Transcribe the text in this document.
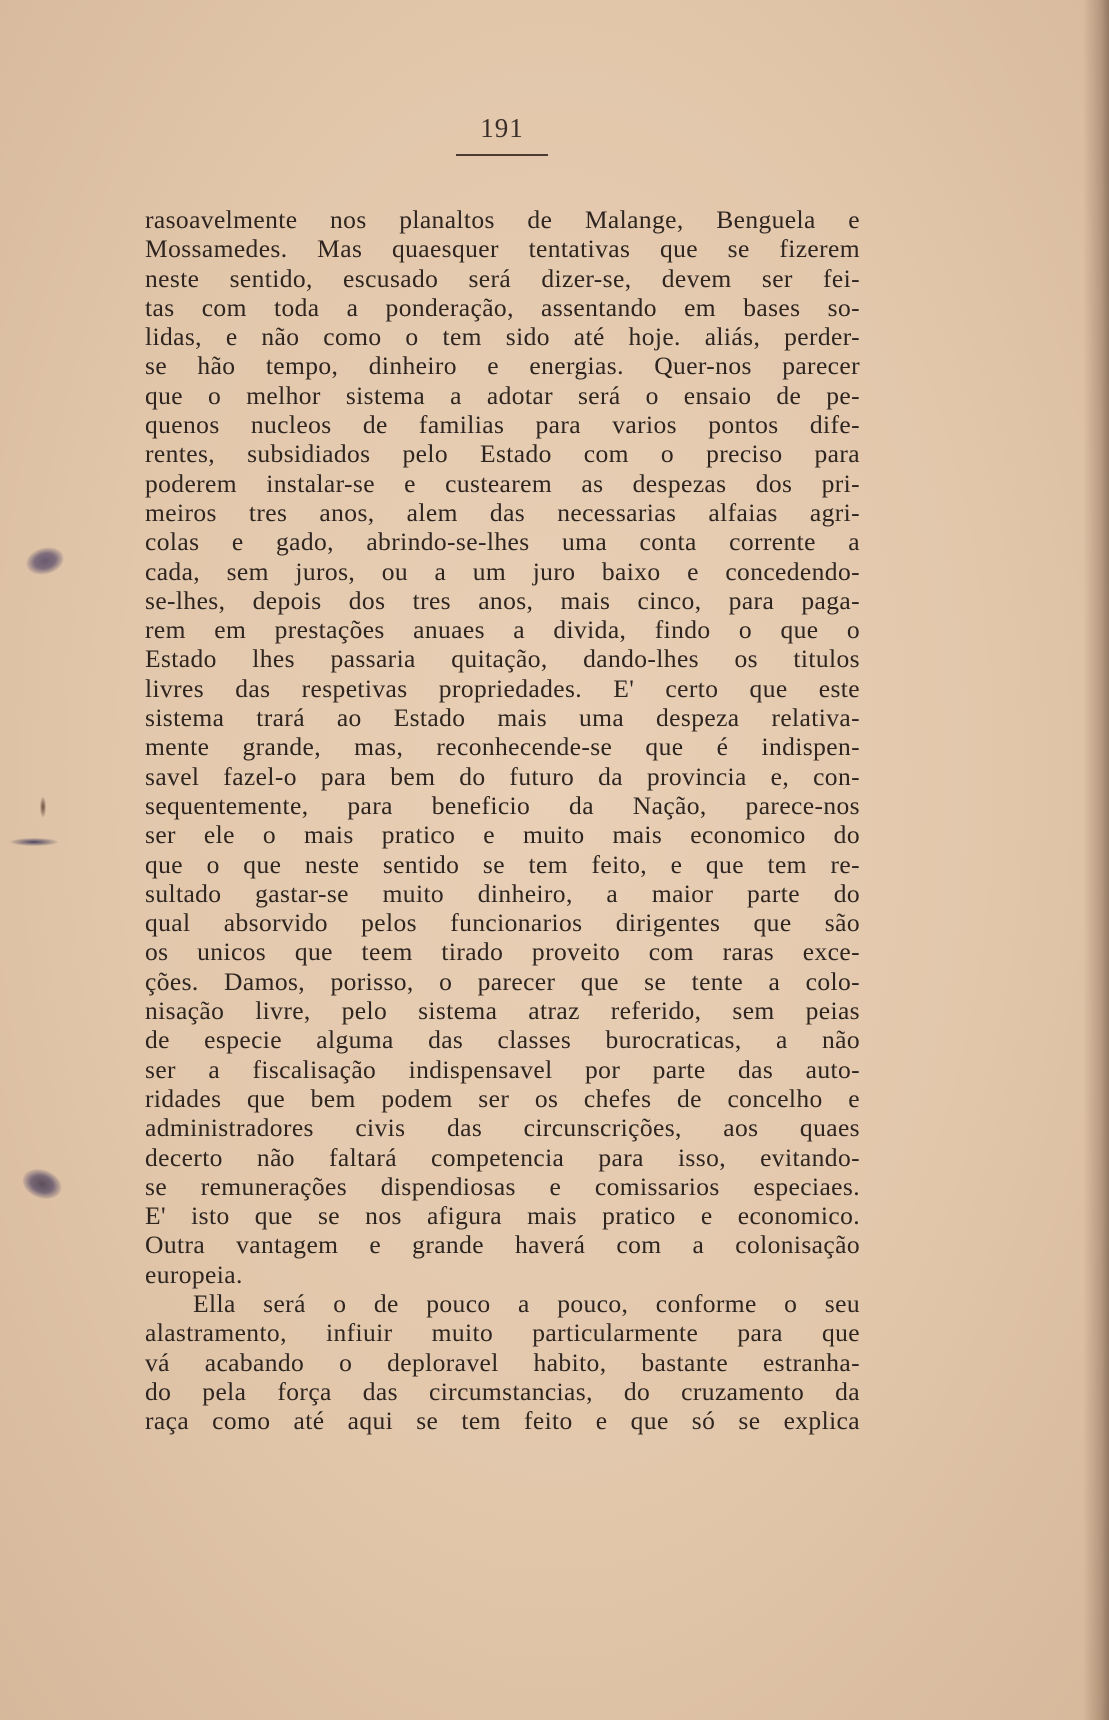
191
rasoavelmente nos planaltos de Malange, Benguela e
Mossamedes. Mas quaesquer tentativas que se fizerem
neste sentido, escusado será dizer-se, devem ser fei-
tas com toda a ponderação, assentando em bases so-
lidas, e não como o tem sido até hoje. aliás, perder-
se hão tempo, dinheiro e energias. Quer-nos parecer
que o melhor sistema a adotar será o ensaio de pe-
quenos nucleos de familias para varios pontos dife-
rentes, subsidiados pelo Estado com o preciso para
poderem instalar-se e custearem as despezas dos pri-
meiros tres anos, alem das necessarias alfaias agri-
colas e gado, abrindo-se-lhes uma conta corrente a
cada, sem juros, ou a um juro baixo e concedendo-
se-lhes, depois dos tres anos, mais cinco, para paga-
rem em prestações anuaes a divida, findo o que o
Estado lhes passaria quitação, dando-lhes os titulos
livres das respetivas propriedades. E' certo que este
sistema trará ao Estado mais uma despeza relativa-
mente grande, mas, reconhecende-se que é indispen-
savel fazel-o para bem do futuro da provincia e, con-
sequentemente, para beneficio da Nação, parece-nos
ser ele o mais pratico e muito mais economico do
que o que neste sentido se tem feito, e que tem re-
sultado gastar-se muito dinheiro, a maior parte do
qual absorvido pelos funcionarios dirigentes que são
os unicos que teem tirado proveito com raras exce-
ções. Damos, porisso, o parecer que se tente a colo-
nisação livre, pelo sistema atraz referido, sem peias
de especie alguma das classes burocraticas, a não
ser a fiscalisação indispensavel por parte das auto-
ridades que bem podem ser os chefes de concelho e
administradores civis das circunscrições, aos quaes
decerto não faltará competencia para isso, evitando-
se remunerações dispendiosas e comissarios especiaes.
E' isto que se nos afigura mais pratico e economico.
Outra vantagem e grande haverá com a colonisação
europeia.
Ella será o de pouco a pouco, conforme o seu
alastramento, infiuir muito particularmente para que
vá acabando o deploravel habito, bastante estranha-
do pela força das circumstancias, do cruzamento da
raça como até aqui se tem feito e que só se explica
